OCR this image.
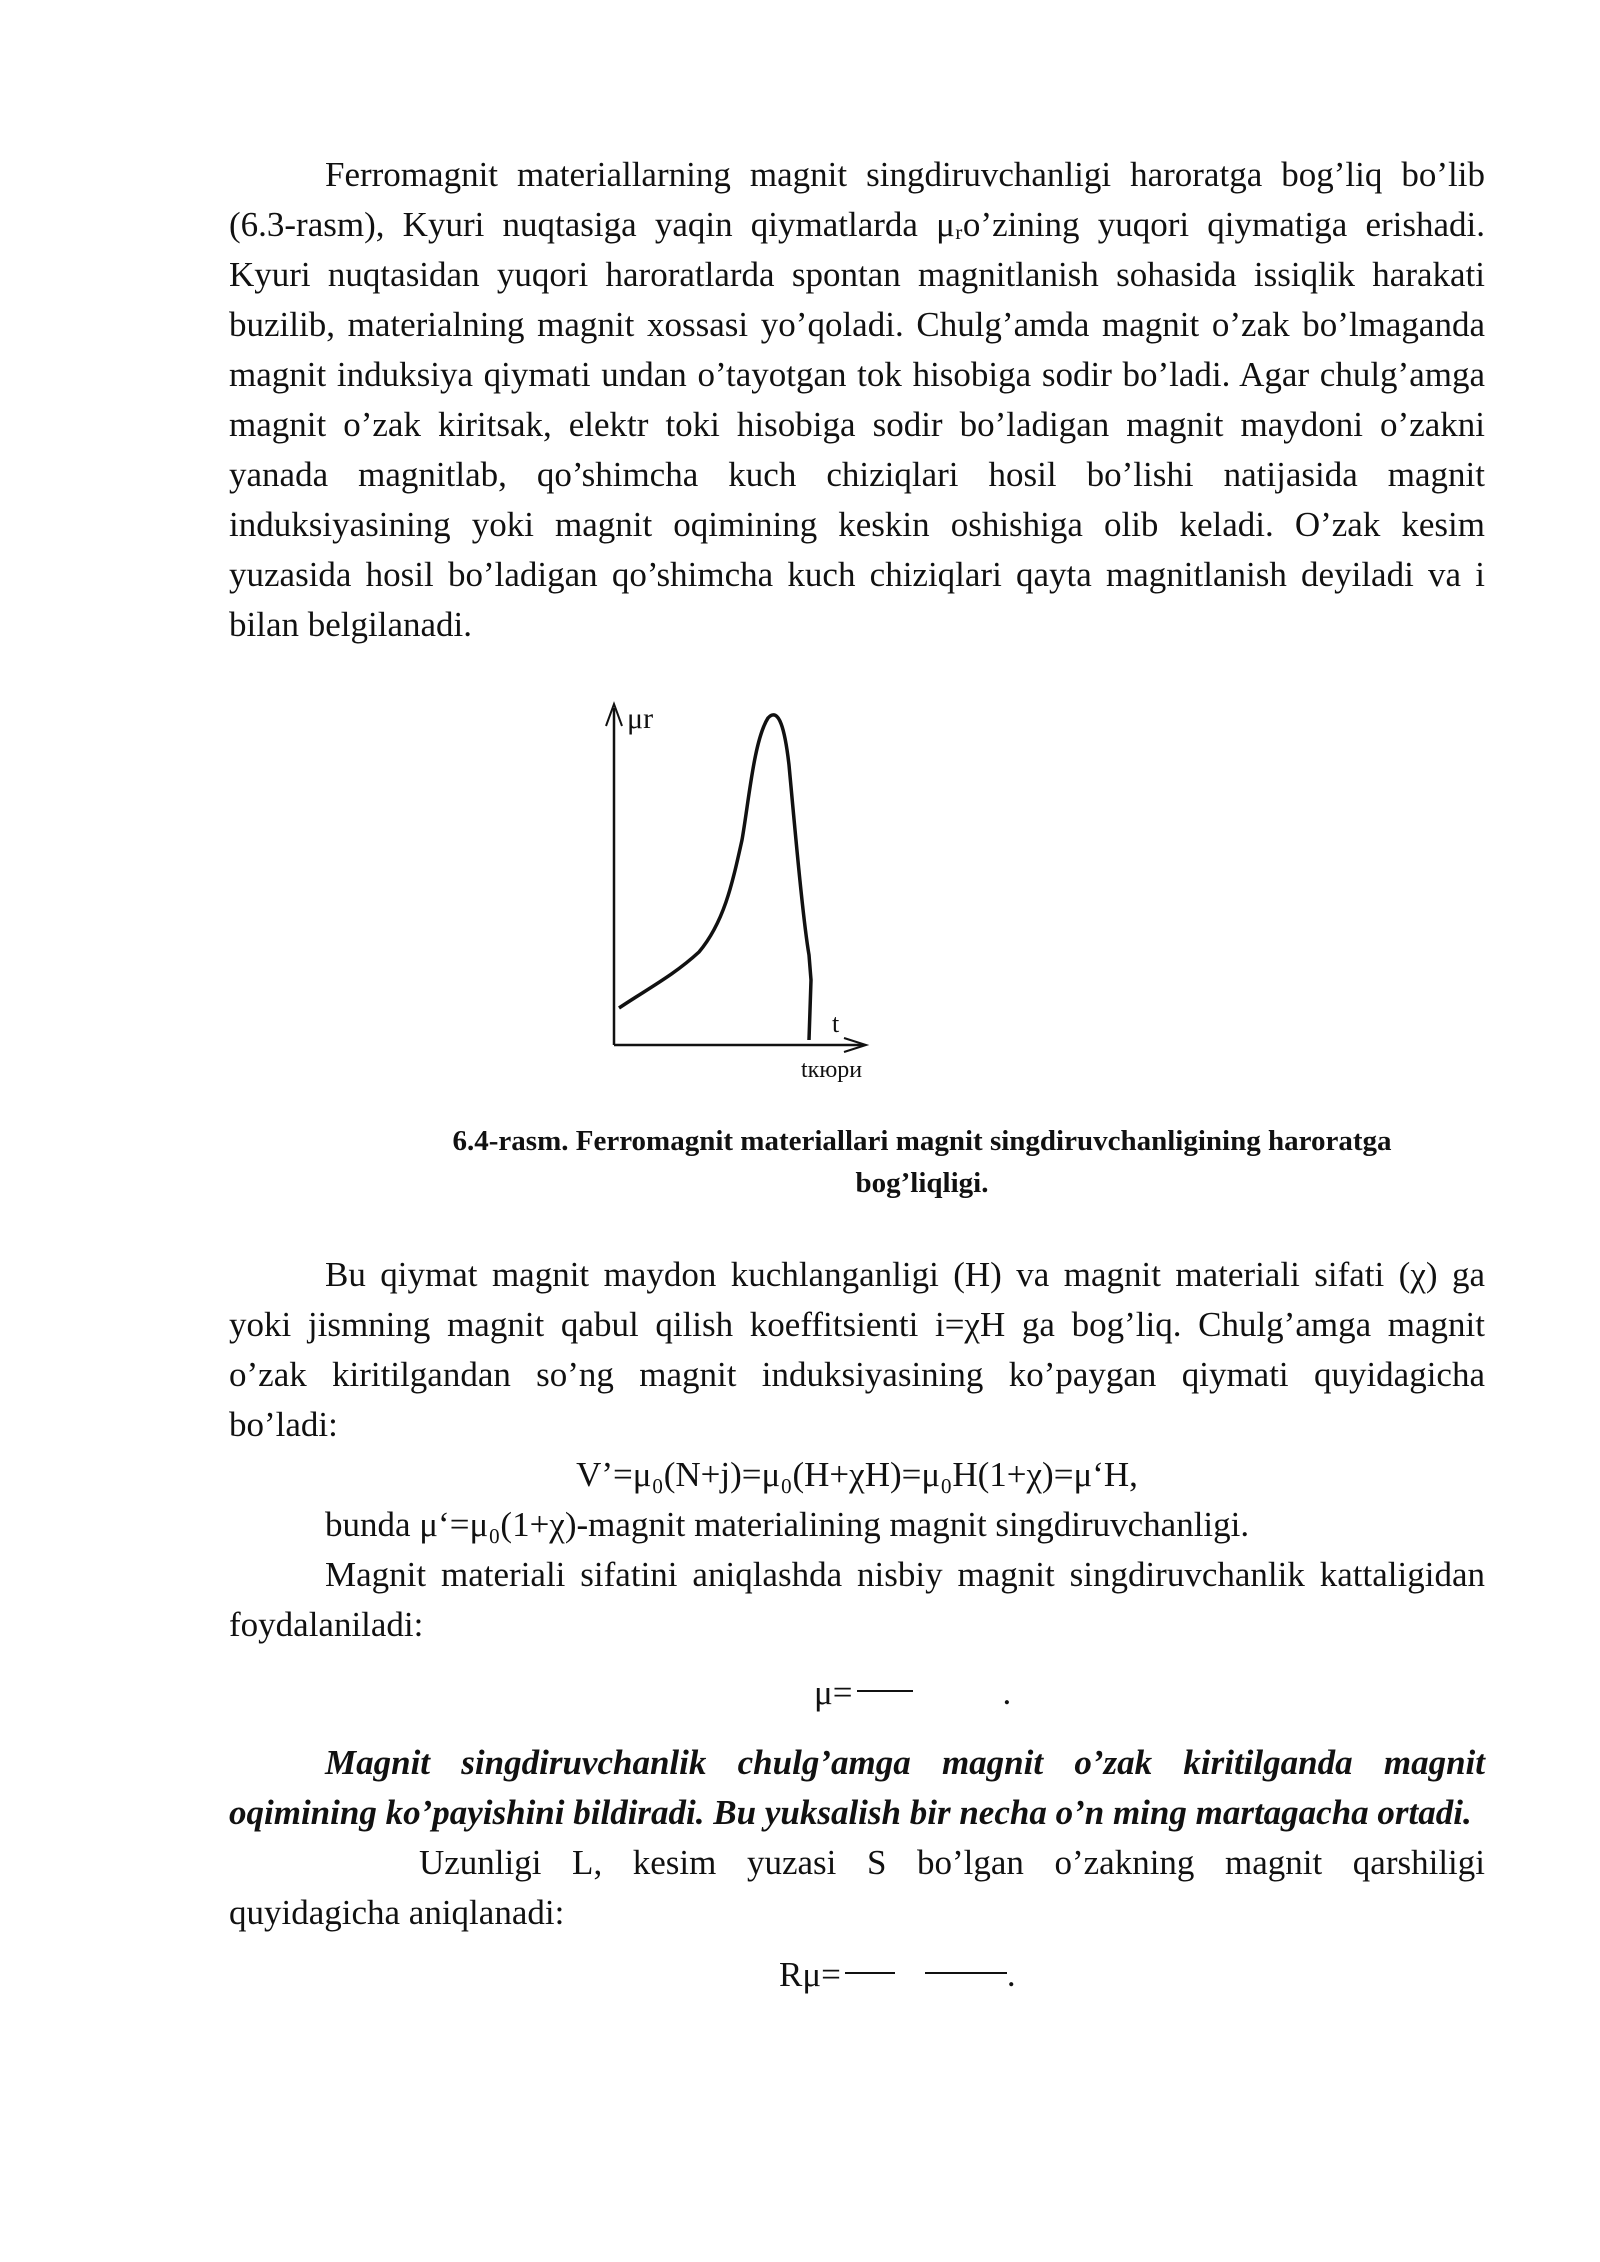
Ferromagnit materiallarning magnit singdiruvchanligi haroratga bog’liq bo’lib (6.3-rasm), Kyuri nuqtasiga yaqin qiymatlarda μᵣo’zining yuqori qiymatiga erishadi. Kyuri nuqtasidan yuqori haroratlarda spontan magnitlanish sohasida issiqlik harakati buzilib, materialning magnit xossasi yo’qoladi. Chulg’amda magnit o’zak bo’lmaganda magnit induksiya qiymati undan o’tayotgan tok hisobiga sodir bo’ladi. Agar chulg’amga magnit o’zak kiritsak, elektr toki hisobiga sodir bo’ladigan magnit maydoni o’zakni yanada magnitlab, qo’shimcha kuch chiziqlari hosil bo’lishi natijasida magnit induksiyasining yoki magnit oqimining keskin oshishiga olib keladi. O’zak kesim yuzasida hosil bo’ladigan qo’shimcha kuch chiziqlari qayta magnitlanish deyiladi va i bilan belgilanadi.

μr
t
tкюри

6.4-rasm. Ferromagnit materiallari magnit singdiruvchanligining haroratga

bog’liqligi.

Bu qiymat magnit maydon kuchlanganligi (H) va magnit materiali sifati (χ) ga yoki jismning magnit qabul qilish koeffitsienti i=χH ga bog’liq. Chulg’amga magnit o’zak kiritilgandan so’ng magnit induksiyasining ko’paygan qiymati quyidagicha bo’ladi:

V’=μ₀(N+j)=μ₀(H+χH)=μ₀H(1+χ)=μ‘H,

bunda μ‘=μ₀(1+χ)-magnit materialining magnit singdiruvchanligi.

Magnit materiali sifatini aniqlashda nisbiy magnit singdiruvchanlik kattaligidan foydalaniladi:

μ=	.

Magnit singdiruvchanlik chulg’amga magnit o’zak kiritilganda magnit oqimining ko’payishini bildiradi. Bu yuksalish bir necha o’n ming martagacha ortadi.

Uzunligi L, kesim yuzasi S bo’lgan o’zakning magnit qarshiligi quyidagicha aniqlanadi:

Rμ=	.
